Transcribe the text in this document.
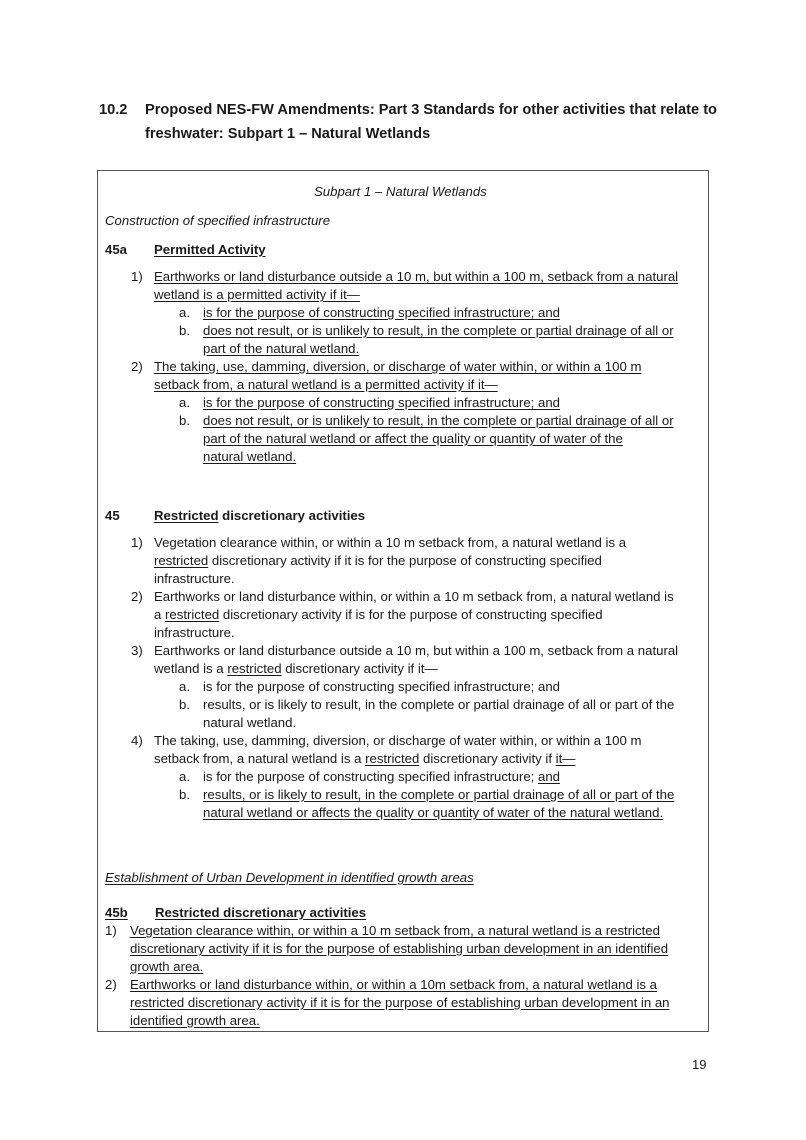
10.2 Proposed NES-FW Amendments: Part 3 Standards for other activities that relate to
freshwater: Subpart 1 – Natural Wetlands
Subpart 1 – Natural Wetlands
Construction of specified infrastructure
45a Permitted Activity
1) Earthworks or land disturbance outside a 10 m, but within a 100 m, setback from a natural
wetland is a permitted activity if it—
a. is for the purpose of constructing specified infrastructure; and
b. does not result, or is unlikely to result, in the complete or partial drainage of all or
part of the natural wetland.
2) The taking, use, damming, diversion, or discharge of water within, or within a 100 m
setback from, a natural wetland is a permitted activity if it—
a. is for the purpose of constructing specified infrastructure; and
b. does not result, or is unlikely to result, in the complete or partial drainage of all or
part of the natural wetland or affect the quality or quantity of water of the
natural wetland.
45	Restricted discretionary activities
1) Vegetation clearance within, or within a 10 m setback from, a natural wetland is a
restricted discretionary activity if it is for the purpose of constructing specified
infrastructure.
2) Earthworks or land disturbance within, or within a 10 m setback from, a natural wetland is
a restricted discretionary activity if is for the purpose of constructing specified
infrastructure.
3) Earthworks or land disturbance outside a 10 m, but within a 100 m, setback from a natural
wetland is a restricted discretionary activity if it—
a. is for the purpose of constructing specified infrastructure; and
b. results, or is likely to result, in the complete or partial drainage of all or part of the
natural wetland.
4) The taking, use, damming, diversion, or discharge of water within, or within a 100 m
setback from, a natural wetland is a restricted discretionary activity if it—
a. is for the purpose of constructing specified infrastructure; and
b. results, or is likely to result, in the complete or partial drainage of all or part of the
natural wetland or affects the quality or quantity of water of the natural wetland.
Establishment of Urban Development in identified growth areas
45b Restricted discretionary activities
1) Vegetation clearance within, or within a 10 m setback from, a natural wetland is a restricted
discretionary activity if it is for the purpose of establishing urban development in an identified
growth area.
2) Earthworks or land disturbance within, or within a 10m setback from, a natural wetland is a
restricted discretionary activity if it is for the purpose of establishing urban development in an
identified growth area.
19
